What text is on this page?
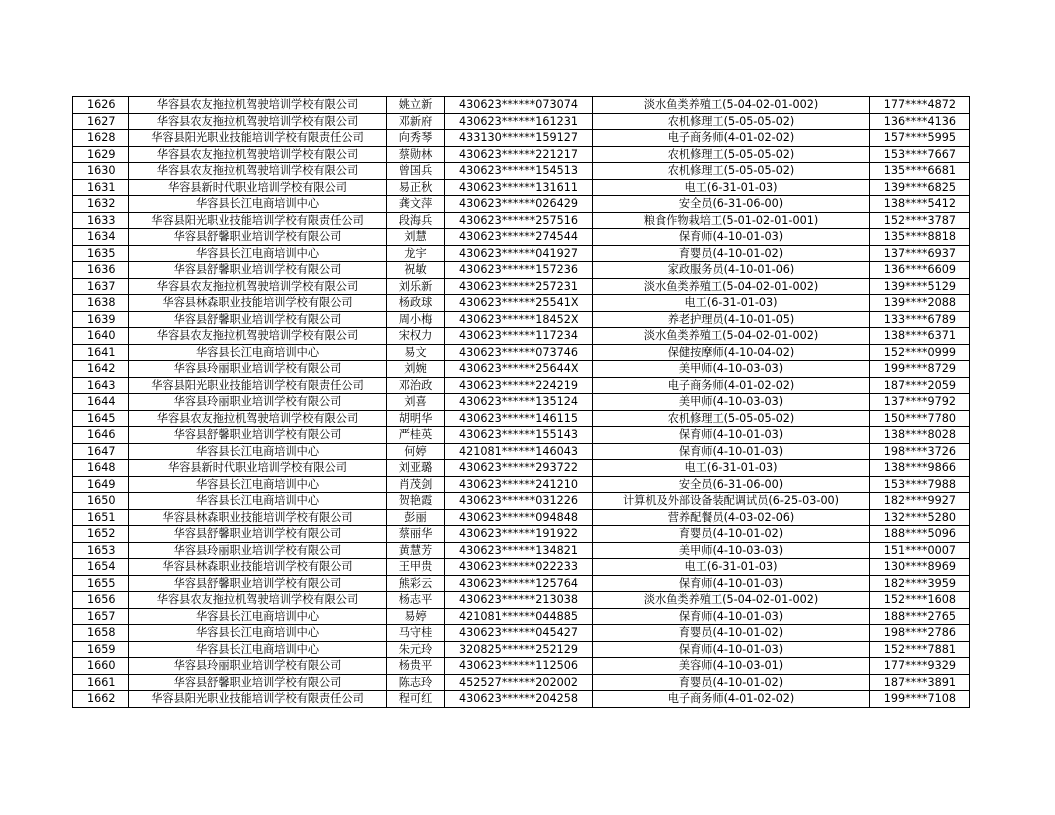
1626	华容县农友拖拉机驾驶培训学校有限公司	姚立新	430623******073074	淡水鱼类养殖工(5-04-02-01-002)	177****4872
1627	华容县农友拖拉机驾驶培训学校有限公司	邓新府	430623******161231	农机修理工(5-05-05-02)	136****4136
1628	华容县阳光职业技能培训学校有限责任公司	向秀琴	433130******159127	电子商务师(4-01-02-02)	157****5995
1629	华容县农友拖拉机驾驶培训学校有限公司	蔡勋林	430623******221217	农机修理工(5-05-05-02)	153****7667
1630	华容县农友拖拉机驾驶培训学校有限公司	曾国兵	430623******154513	农机修理工(5-05-05-02)	135****6681
1631	华容县新时代职业培训学校有限公司	易正秋	430623******131611	电工(6-31-01-03)	139****6825
1632	华容县长江电商培训中心	龚文萍	430623******026429	安全员(6-31-06-00)	138****5412
1633	华容县阳光职业技能培训学校有限责任公司	段海兵	430623******257516	粮食作物栽培工(5-01-02-01-001)	152****3787
1634	华容县舒馨职业培训学校有限公司	刘慧	430623******274544	保育师(4-10-01-03)	135****8818
1635	华容县长江电商培训中心	龙宇	430623******041927	育婴员(4-10-01-02)	137****6937
1636	华容县舒馨职业培训学校有限公司	祝敏	430623******157236	家政服务员(4-10-01-06)	136****6609
1637	华容县农友拖拉机驾驶培训学校有限公司	刘乐新	430623******257231	淡水鱼类养殖工(5-04-02-01-002)	139****5129
1638	华容县林森职业技能培训学校有限公司	杨政球	430623******25541X	电工(6-31-01-03)	139****2088
1639	华容县舒馨职业培训学校有限公司	周小梅	430623******18452X	养老护理员(4-10-01-05)	133****6789
1640	华容县农友拖拉机驾驶培训学校有限公司	宋权力	430623******117234	淡水鱼类养殖工(5-04-02-01-002)	138****6371
1641	华容县长江电商培训中心	易文	430623******073746	保健按摩师(4-10-04-02)	152****0999
1642	华容县玲丽职业培训学校有限公司	刘婉	430623******25644X	美甲师(4-10-03-03)	199****8729
1643	华容县阳光职业技能培训学校有限责任公司	邓治政	430623******224219	电子商务师(4-01-02-02)	187****2059
1644	华容县玲丽职业培训学校有限公司	刘喜	430623******135124	美甲师(4-10-03-03)	137****9792
1645	华容县农友拖拉机驾驶培训学校有限公司	胡明华	430623******146115	农机修理工(5-05-05-02)	150****7780
1646	华容县舒馨职业培训学校有限公司	严桂英	430623******155143	保育师(4-10-01-03)	138****8028
1647	华容县长江电商培训中心	何婷	421081******146043	保育师(4-10-01-03)	198****3726
1648	华容县新时代职业培训学校有限公司	刘亚璐	430623******293722	电工(6-31-01-03)	138****9866
1649	华容县长江电商培训中心	肖茂剑	430623******241210	安全员(6-31-06-00)	153****7988
1650	华容县长江电商培训中心	贺艳霞	430623******031226	计算机及外部设备装配调试员(6-25-03-00)	182****9927
1651	华容县林森职业技能培训学校有限公司	彭丽	430623******094848	营养配餐员(4-03-02-06)	132****5280
1652	华容县舒馨职业培训学校有限公司	蔡丽华	430623******191922	育婴员(4-10-01-02)	188****5096
1653	华容县玲丽职业培训学校有限公司	黄慧芳	430623******134821	美甲师(4-10-03-03)	151****0007
1654	华容县林森职业技能培训学校有限公司	王甲贵	430623******022233	电工(6-31-01-03)	130****8969
1655	华容县舒馨职业培训学校有限公司	熊彩云	430623******125764	保育师(4-10-01-03)	182****3959
1656	华容县农友拖拉机驾驶培训学校有限公司	杨志平	430623******213038	淡水鱼类养殖工(5-04-02-01-002)	152****1608
1657	华容县长江电商培训中心	易婷	421081******044885	保育师(4-10-01-03)	188****2765
1658	华容县长江电商培训中心	马守桂	430623******045427	育婴员(4-10-01-02)	198****2786
1659	华容县长江电商培训中心	朱元玲	320825******252129	保育师(4-10-01-03)	152****7881
1660	华容县玲丽职业培训学校有限公司	杨贵平	430623******112506	美容师(4-10-03-01)	177****9329
1661	华容县舒馨职业培训学校有限公司	陈志玲	452527******202002	育婴员(4-10-01-02)	187****3891
1662	华容县阳光职业技能培训学校有限责任公司	程可红	430623******204258	电子商务师(4-01-02-02)	199****7108
